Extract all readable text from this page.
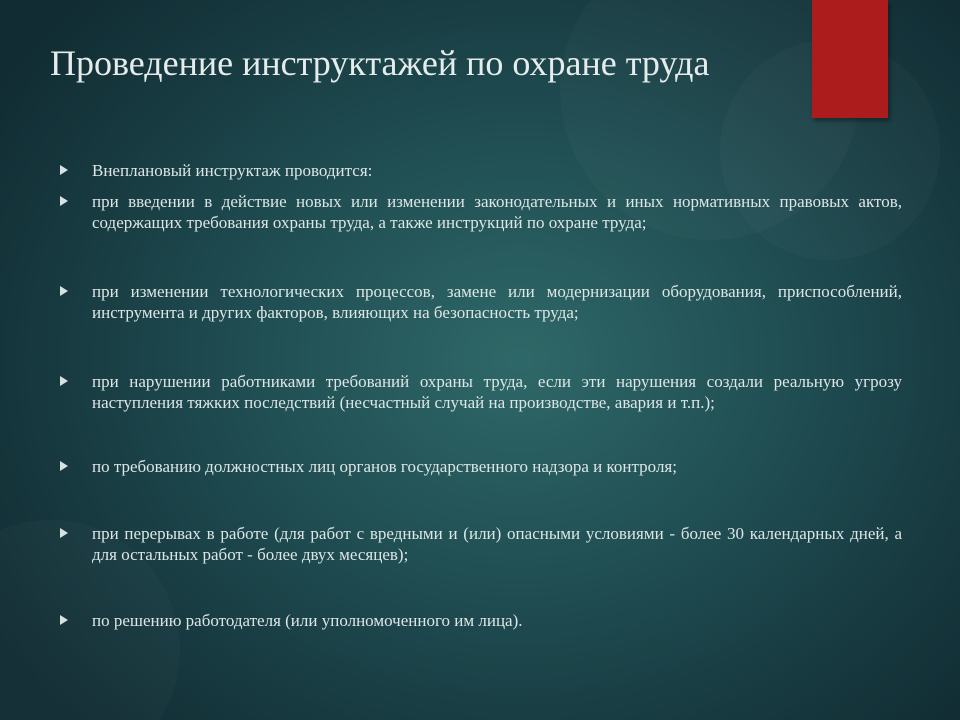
Проведение инструктажей по охране труда
Внеплановый инструктаж проводится:
при введении в действие новых или изменении законодательных и иных нормативных правовых актов, содержащих требования охраны труда, а также инструкций по охране труда;
при изменении технологических процессов, замене или модернизации оборудования, приспособлений, инструмента и других факторов, влияющих на безопасность труда;
при нарушении работниками требований охраны труда, если эти нарушения создали реальную угрозу наступления тяжких последствий (несчастный случай на производстве, авария и т.п.);
по требованию должностных лиц органов государственного надзора и контроля;
при перерывах в работе (для работ с вредными и (или) опасными условиями - более 30 календарных дней, а для остальных работ - более двух месяцев);
по решению работодателя (или уполномоченного им лица).
